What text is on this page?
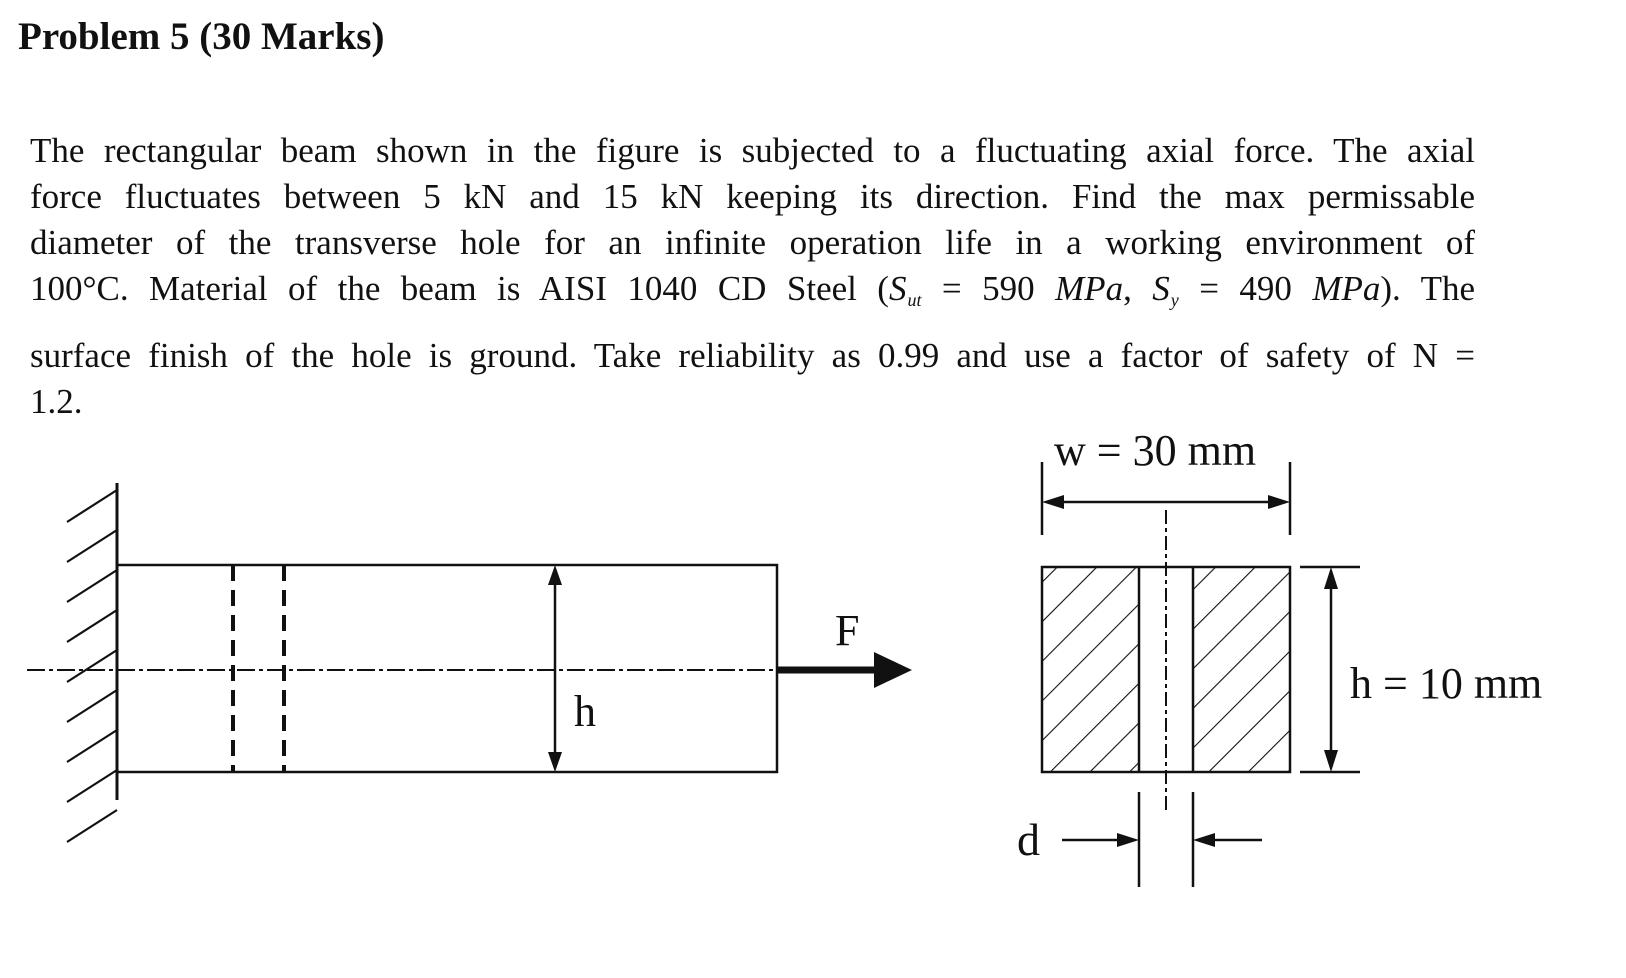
Problem 5 (30 Marks)
The rectangular beam shown in the figure is subjected to a fluctuating axial force. The axial
force fluctuates between 5 kN and 15 kN keeping its direction. Find the max permissable
diameter of the transverse hole for an infinite operation life in a working environment of
100°C. Material of the beam is AISI 1040 CD Steel ($S_{ut} = 590$ MPa, $S_y = 490$ MPa). The
surface finish of the hole is ground. Take reliability as 0.99 and use a factor of safety of N =
1.2.
h
F
w = 30 mm
h = 10 mm
d
